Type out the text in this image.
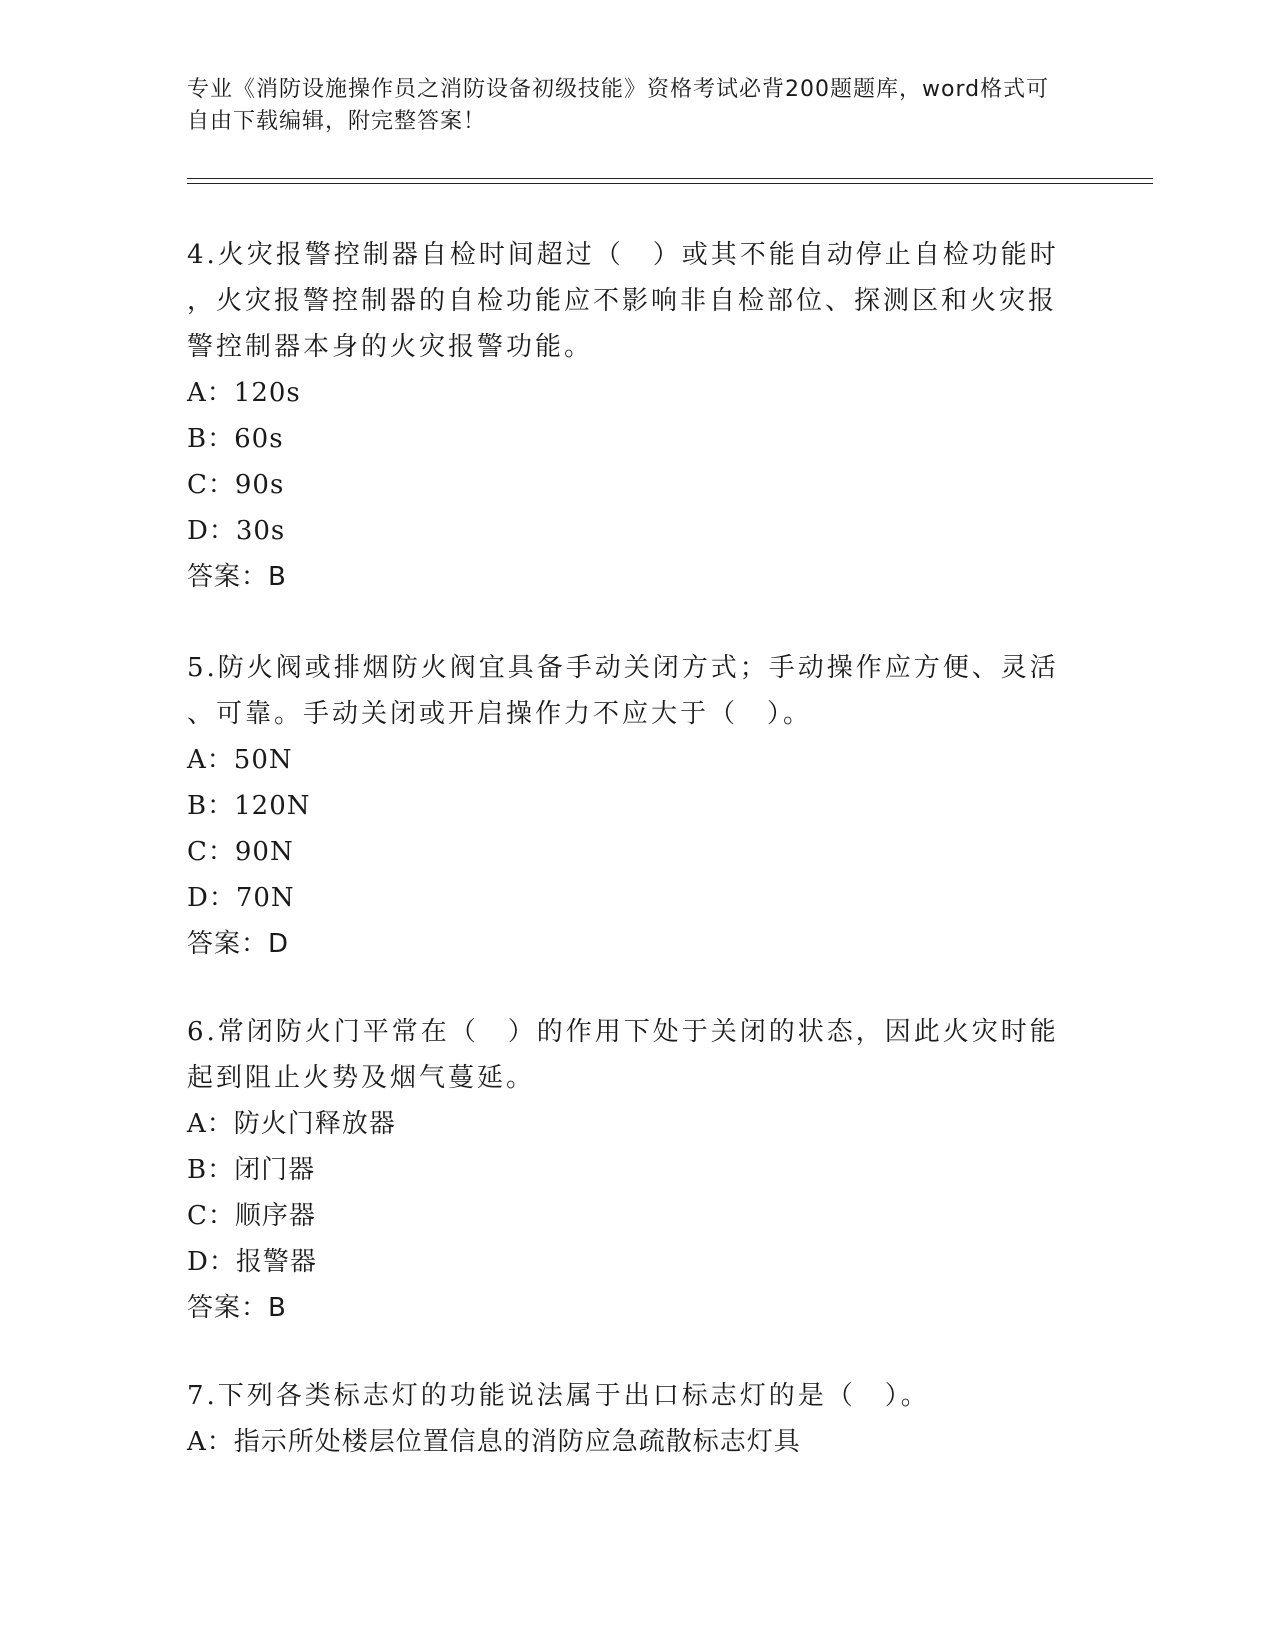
专业《消防设施操作员之消防设备初级技能》资格考试必背200题题库，word格式可自由下载编辑，附完整答案！

4.火灾报警控制器自检时间超过（　）或其不能自动停止自检功能时

，火灾报警控制器的自检功能应不影响非自检部位、探测区和火灾报

警控制器本身的火灾报警功能。

A：120s

B：60s

C：90s

D：30s

答案：B

5.防火阀或排烟防火阀宜具备手动关闭方式；手动操作应方便、灵活

、可靠。手动关闭或开启操作力不应大于（　）。

A：50N

B：120N

C：90N

D：70N

答案：D

6.常闭防火门平常在（　）的作用下处于关闭的状态，因此火灾时能

起到阻止火势及烟气蔓延。

A：防火门释放器

B：闭门器

C：顺序器

D：报警器

答案：B

7.下列各类标志灯的功能说法属于出口标志灯的是（　）。

A：指示所处楼层位置信息的消防应急疏散标志灯具
